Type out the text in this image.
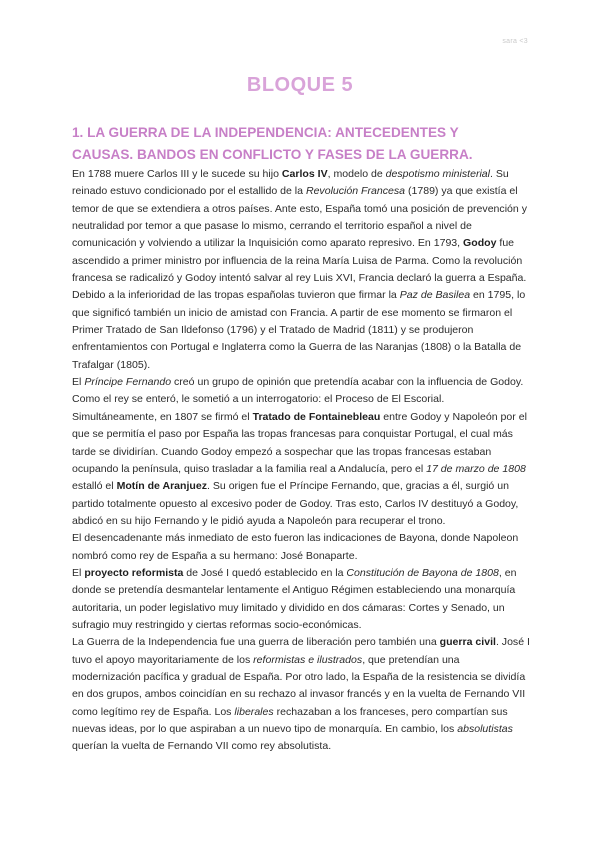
sara <3
BLOQUE 5
1. LA GUERRA DE LA INDEPENDENCIA: ANTECEDENTES Y CAUSAS. BANDOS EN CONFLICTO Y FASES DE LA GUERRA.

En 1788 muere Carlos III y le sucede su hijo Carlos IV, modelo de despotismo ministerial. Su reinado estuvo condicionado por el estallido de la Revolución Francesa (1789) ya que existía el temor de que se extendiera a otros países. Ante esto, España tomó una posición de prevención y neutralidad por temor a que pasase lo mismo, cerrando el territorio español a nivel de comunicación y volviendo a utilizar la Inquisición como aparato represivo. En 1793, Godoy fue ascendido a primer ministro por influencia de la reina María Luisa de Parma. Como la revolución francesa se radicalizó y Godoy intentó salvar al rey Luis XVI, Francia declaró la guerra a España. Debido a la inferioridad de las tropas españolas tuvieron que firmar la Paz de Basilea en 1795, lo que significó también un inicio de amistad con Francia. A partir de ese momento se firmaron el Primer Tratado de San Ildefonso (1796) y el Tratado de Madrid (1811) y se produjeron enfrentamientos con Portugal e Inglaterra como la Guerra de las Naranjas (1808) o la Batalla de Trafalgar (1805).

El Príncipe Fernando creó un grupo de opinión que pretendía acabar con la influencia de Godoy. Como el rey se enteró, le sometió a un interrogatorio: el Proceso de El Escorial. Simultáneamente, en 1807 se firmó el Tratado de Fontainebleau entre Godoy y Napoleón por el que se permitía el paso por España las tropas francesas para conquistar Portugal, el cual más tarde se dividirían. Cuando Godoy empezó a sospechar que las tropas francesas estaban ocupando la península, quiso trasladar a la familia real a Andalucía, pero el 17 de marzo de 1808 estalló el Motín de Aranjuez. Su origen fue el Príncipe Fernando, que, gracias a él, surgió un partido totalmente opuesto al excesivo poder de Godoy. Tras esto, Carlos IV destituyó a Godoy, abdicó en su hijo Fernando y le pidió ayuda a Napoleón para recuperar el trono.

El desencadenante más inmediato de esto fueron las indicaciones de Bayona, donde Napoleon nombró como rey de España a su hermano: José Bonaparte.

El proyecto reformista de José I quedó establecido en la Constitución de Bayona de 1808, en donde se pretendía desmantelar lentamente el Antiguo Régimen estableciendo una monarquía autoritaria, un poder legislativo muy limitado y dividido en dos cámaras: Cortes y Senado, un sufragio muy restringido y ciertas reformas socio-económicas.

La Guerra de la Independencia fue una guerra de liberación pero también una guerra civil. José I tuvo el apoyo mayoritariamente de los reformistas e ilustrados, que pretendían una modernización pacífica y gradual de España. Por otro lado, la España de la resistencia se dividía en dos grupos, ambos coincidían en su rechazo al invasor francés y en la vuelta de Fernando VII como legítimo rey de España. Los liberales rechazaban a los franceses, pero compartían sus nuevas ideas, por lo que aspiraban a un nuevo tipo de monarquía. En cambio, los absolutistas querían la vuelta de Fernando VII como rey absolutista.
